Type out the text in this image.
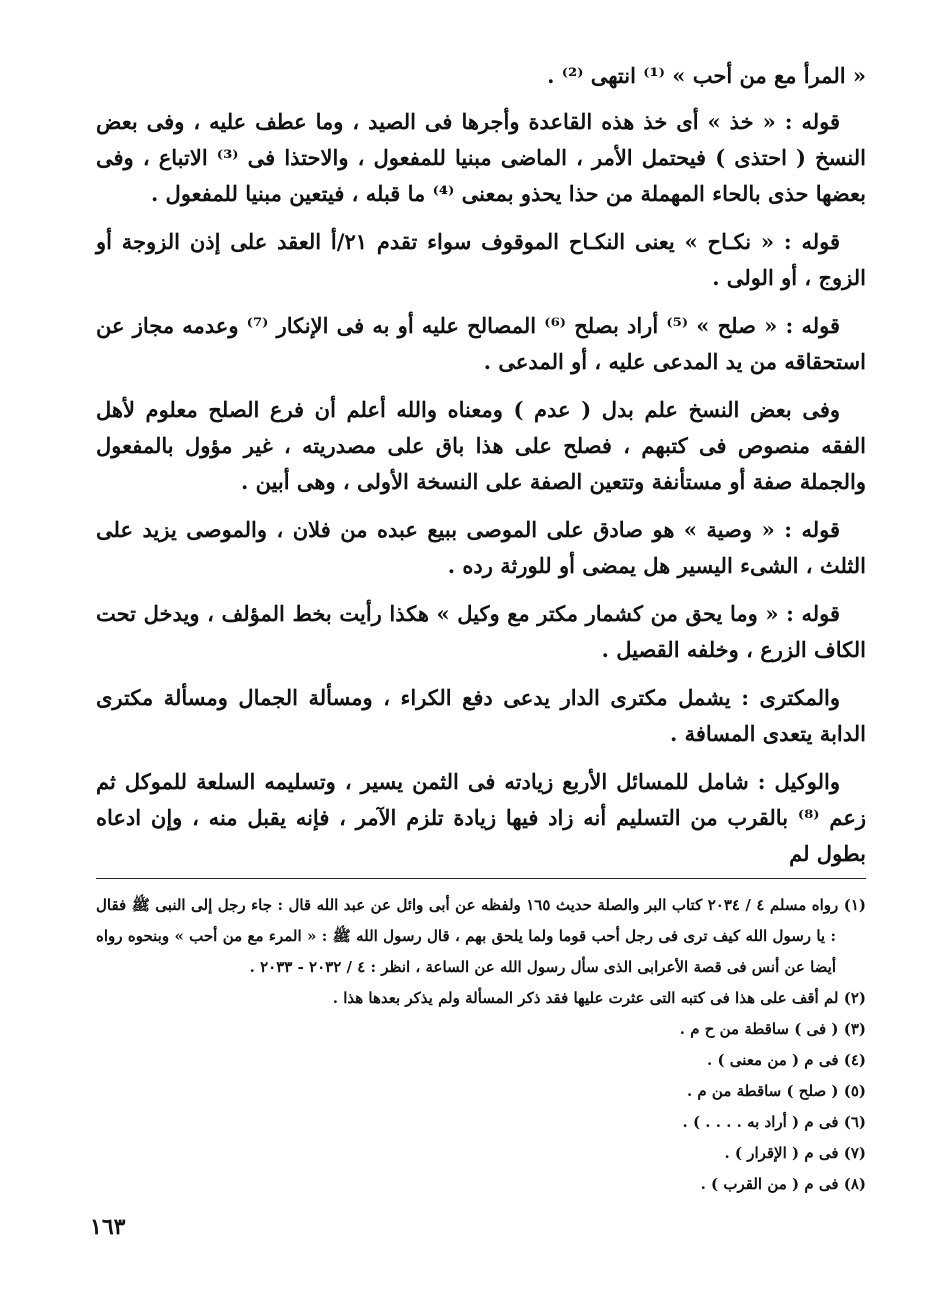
« المرأ مع من أحب » ⁽¹⁾ انتهى ⁽²⁾ .

قوله : « خذ » أى خذ هذه القاعدة وأجرها فى الصيد ، وما عطف عليه ، وفى بعض النسخ ( احتذى ) فيحتمل الأمر ، الماضى مبنيا للمفعول ، والاحتذا فى ⁽³⁾ الاتباع ، وفى بعضها حذى بالحاء المهملة من حذا يحذو بمعنى ⁽⁴⁾ ما قبله ، فيتعين مبنيا للمفعول .

قوله : « نكـاح » يعنى النكـاح الموقوف سواء تقدم ٢١/أ العقد على إذن الزوجة أو الزوج ، أو الولى .

قوله : « صلح » ⁽⁵⁾ أراد بصلح ⁽⁶⁾ المصالح عليه أو به فى الإنكار ⁽⁷⁾ وعدمه مجاز عن استحقاقه من يد المدعى عليه ، أو المدعى .

وفى بعض النسخ علم بدل ( عدم ) ومعناه والله أعلم أن فرع الصلح معلوم لأهل الفقه منصوص فى كتبهم ، فصلح على هذا باق على مصدريته ، غير مؤول بالمفعول والجملة صفة أو مستأنفة وتتعين الصفة على النسخة الأولى ، وهى أبين .

قوله : « وصية » هو صادق على الموصى ببيع عبده من فلان ، والموصى يزيد على الثلث ، الشىء اليسير هل يمضى أو للورثة رده .

قوله : « وما يحق من كشمار مكتر مع وكيل » هكذا رأيت بخط المؤلف ، ويدخل تحت الكاف الزرع ، وخلفه القصيل .

والمكترى : يشمل مكترى الدار يدعى دفع الكراء ، ومسألة الجمال ومسألة مكترى الدابة يتعدى المسافة .

والوكيل : شامل للمسائل الأربع زيادته فى الثمن يسير ، وتسليمه السلعة للموكل ثم زعم ⁽⁸⁾ بالقرب من التسليم أنه زاد فيها زيادة تلزم الآمر ، فإنه يقبل منه ، وإن ادعاه بطول لم

(١) رواه مسلم ٤ / ٢٠٣٤ كتاب البر والصلة حديث ١٦٥ ولفظه عن أبى وائل عن عبد الله قال : جاء رجل إلى النبى ﷺ فقال : يا رسول الله كيف ترى فى رجل أحب قوما ولما يلحق بهم ، قال رسول الله ﷺ : « المرء مع من أحب » وبنحوه رواه أيضا عن أنس فى قصة الأعرابى الذى سأل رسول الله عن الساعة ، انظر : ٤ / ٢٠٣٢ - ٢٠٣٣ .

(٢) لم أقف على هذا فى كتبه التى عثرت عليها فقد ذكر المسألة ولم يذكر بعدها هذا .

(٣) ( فى ) ساقطة من ح م .

(٤) فى م ( من معنى ) .

(٥) ( صلح ) ساقطة من م .

(٦) فى م ( أراد به . . . . ) .

(٧) فى م ( الإقرار ) .

(٨) فى م ( من القرب ) .

١٦٣
